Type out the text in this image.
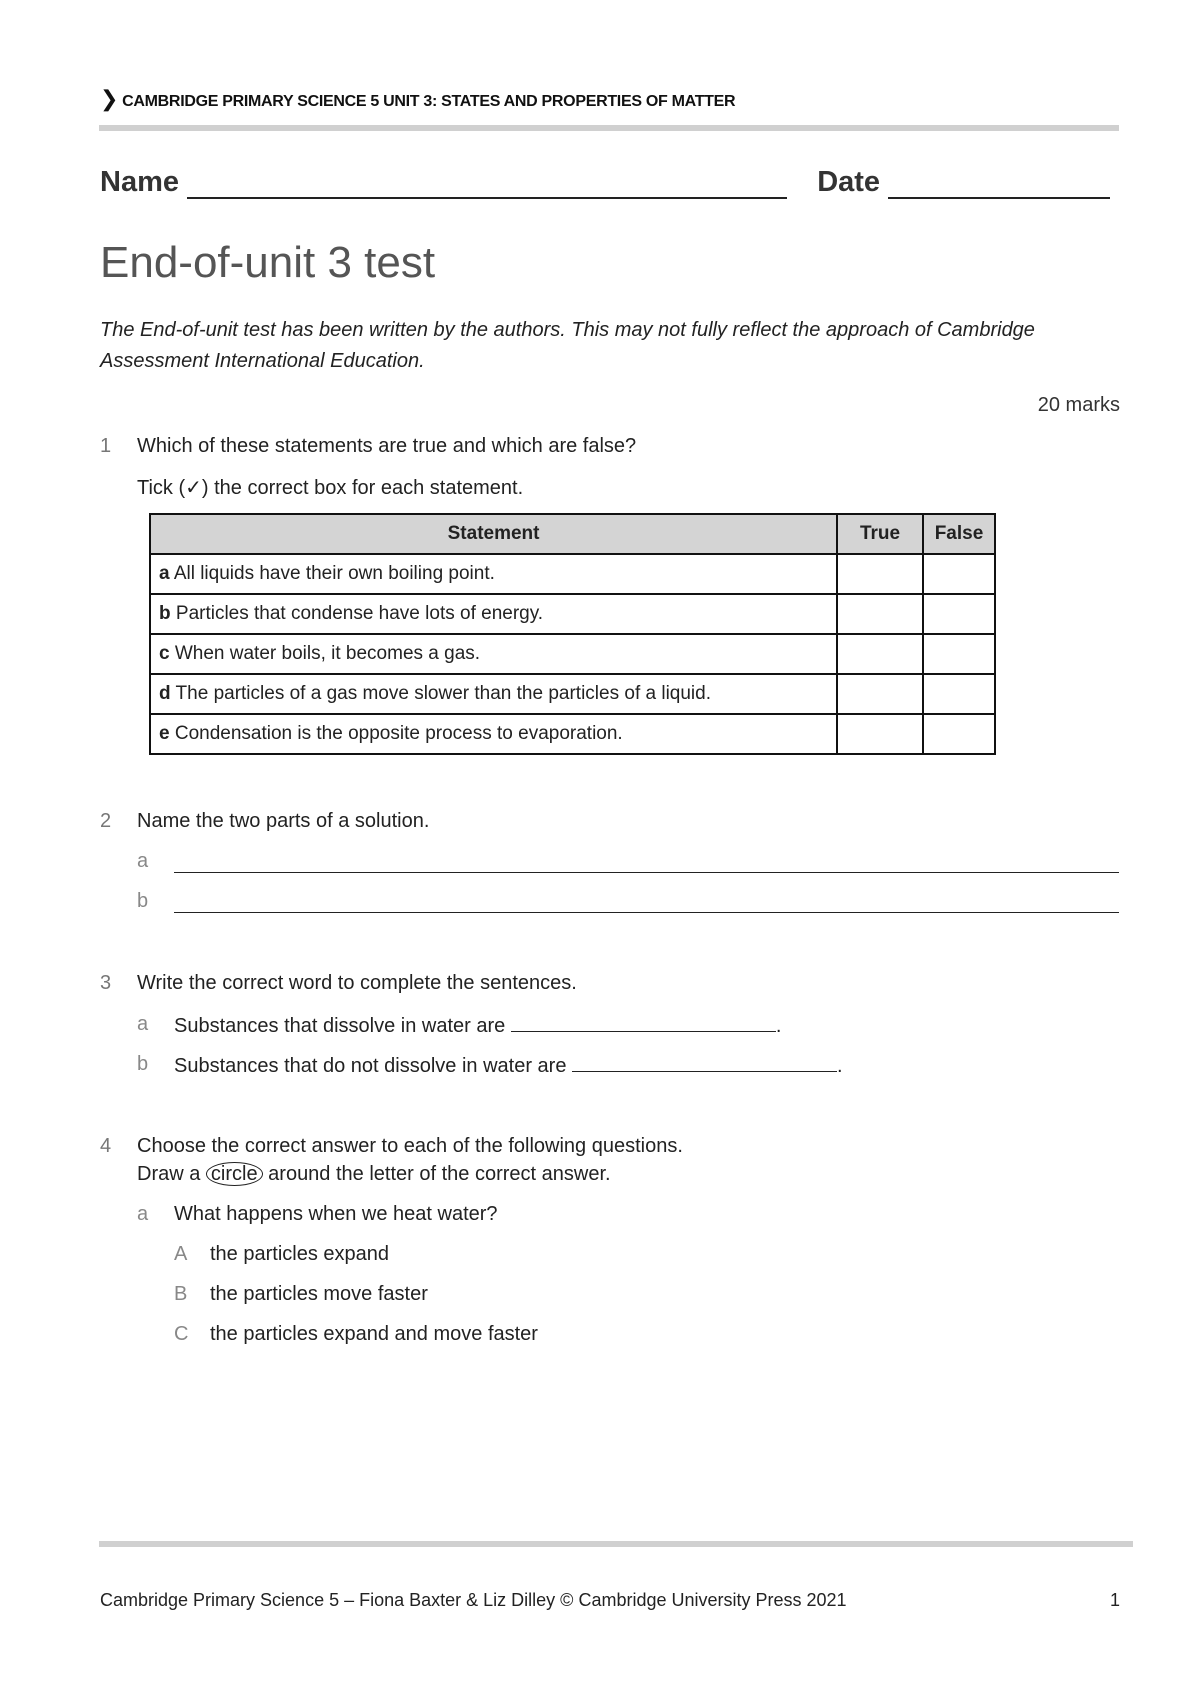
❯ CAMBRIDGE PRIMARY SCIENCE 5 UNIT 3: STATES AND PROPERTIES OF MATTER
Name	Date
End-of-unit 3 test
The End-of-unit test has been written by the authors. This may not fully reflect the approach of Cambridge Assessment International Education.
20 marks
1 Which of these statements are true and which are false?
Tick (✓) the correct box for each statement.
Statement	True	False
a All liquids have their own boiling point.		
b Particles that condense have lots of energy.		
c When water boils, it becomes a gas.		
d The particles of a gas move slower than the particles of a liquid.		
e Condensation is the opposite process to evaporation.		
2 Name the two parts of a solution.
a
b
3 Write the correct word to complete the sentences.
a Substances that dissolve in water are	.
b Substances that do not dissolve in water are	.
4 Choose the correct answer to each of the following questions.
Draw a circle around the letter of the correct answer.
a What happens when we heat water?
A the particles expand
B the particles move faster
C the particles expand and move faster
Cambridge Primary Science 5 – Fiona Baxter & Liz Dilley © Cambridge University Press 2021	1
